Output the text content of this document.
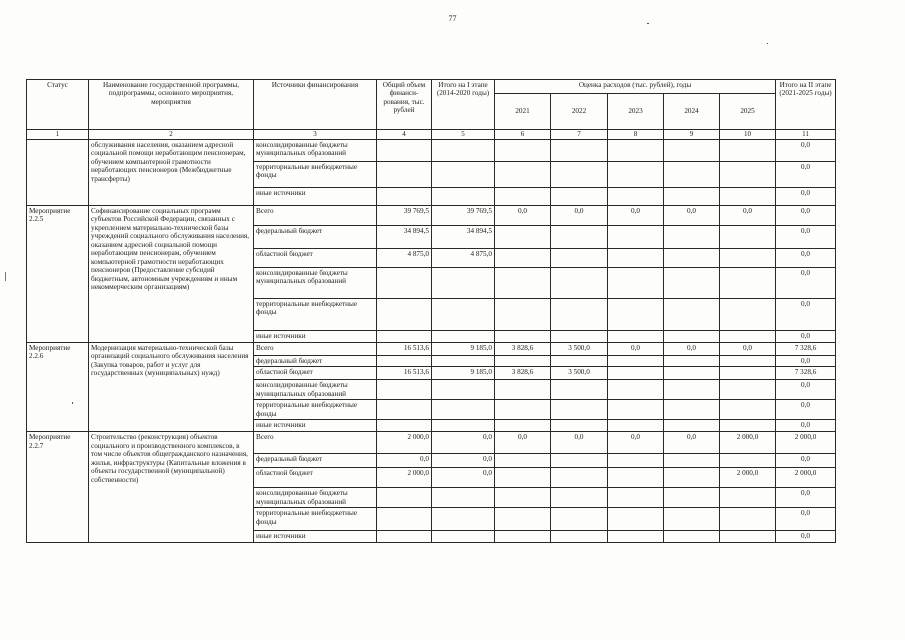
77
Статус	Наименование государственной программы, подпрограммы, основного мероприятия, мероприятия	Источники финансирования	Общий объем финанси-рования, тыс. рублей	Итого на I этапе (2014-2020 годы)	Оценка расходов (тыс. рублей), годы					Итого на II этапе (2021-2025 годы)
					2021	2022	2023	2024	2025	
1	2	3	4	5	6	7	8	9	10	11
	обслуживания населения, оказанием адресной социальной помощи неработающим пенсионерам, обучением компьютерной грамотности неработающих пенсионеров (Межбюджетные трансферты)	консолидированные бюджеты муниципальных образований								0,0
		территориальные внебюджетные фонды								0,0
		иные источники								0,0
Мероприятие 2.2.5	Софинансирование социальных программ субъектов Российской Федерации, связанных с укреплением материально-технической базы учреждений социального обслуживания населения, оказанием адресной социальной помощи неработающим пенсионерам, обучением компьютерной грамотности неработающих пенсионеров (Предоставление субсидий бюджетным, автономным учреждениям и иным некоммерческим организациям)	Всего	39 769,5	39 769,5	0,0	0,0	0,0	0,0	0,0	0,0
		федеральный бюджет	34 894,5	34 894,5						0,0
		областной бюджет	4 875,0	4 875,0						0,0
		консолидированные бюджеты муниципальных образований								0,0
		территориальные внебюджетные фонды								0,0
		иные источники								0,0
Мероприятие 2.2.6	Модернизация материально-технической базы организаций социального обслуживания населения (Закупка товаров, работ и услуг для государственных (муниципальных) нужд)	Всего	16 513,6	9 185,0	3 828,6	3 500,0	0,0	0,0	0,0	7 328,6
		федеральный бюджет								0,0
		областной бюджет	16 513,6	9 185,0	3 828,6	3 500,0				7 328,6
		консолидированные бюджеты муниципальных образований								0,0
		территориальные внебюджетные фонды								0,0
		иные источники								0,0
Мероприятие 2.2.7	Строительство (реконструкция) объектов социального и производственного комплексов, в том числе объектов общегражданского назначения, жилья, инфраструктуры (Капитальные вложения в объекты государственной (муниципальной) собственности)	Всего	2 000,0	0,0	0,0	0,0	0,0	0,0	2 000,0	2 000,0
		федеральный бюджет	0,0	0,0						0,0
		областной бюджет	2 000,0	0,0					2 000,0	2 000,0
		консолидированные бюджеты муниципальных образований								0,0
		территориальные внебюджетные фонды								0,0
		иные источники								0,0
